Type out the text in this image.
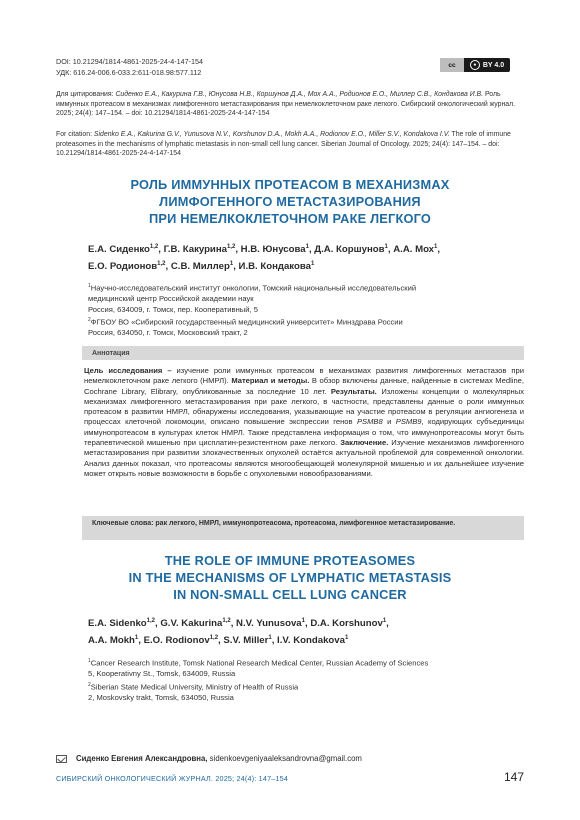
DOI: 10.21294/1814-4861-2025-24-4-147-154
УДК: 616.24-006.6-033.2:611-018.98:577.112
cc	● BY 4.0
Для цитирования: Сиденко Е.А., Какурина Г.В., Юнусова Н.В., Коршунов Д.А., Мох А.А., Родионов Е.О., Миллер С.В., Кондакова И.В. Роль иммунных протеасом в механизмах лимфогенного метастазирования при немелкоклеточном раке легкого. Сибирский онкологический журнал. 2025; 24(4): 147–154. – doi: 10.21294/1814-4861-2025-24-4-147-154
For citation: Sidenko E.A., Kakurina G.V., Yunusova N.V., Korshunov D.A., Mokh A.A., Rodionov E.O., Miller S.V., Kondakova I.V. The role of immune proteasomes in the mechanisms of lymphatic metastasis in non-small cell lung cancer. Siberian Journal of Oncology. 2025; 24(4): 147–154. – doi: 10.21294/1814-4861-2025-24-4-147-154
РОЛЬ ИММУННЫХ ПРОТЕАСОМ В МЕХАНИЗМАХ
ЛИМФОГЕННОГО МЕТАСТАЗИРОВАНИЯ
ПРИ НЕМЕЛКОКЛЕТОЧНОМ РАКЕ ЛЕГКОГО
Е.А. Сиденко$^{1,2}$, Г.В. Какурина$^{1,2}$, Н.В. Юнусова$^1$, Д.А. Коршунов$^1$, А.А. Мох$^1$,
Е.О. Родионов$^{1,2}$, С.В. Миллер$^1$, И.В. Кондакова$^1$
$^1$Научно-исследовательский институт онкологии, Томский национальный исследовательский
медицинский центр Российской академии наук
Россия, 634009, г. Томск, пер. Кооперативный, 5
$^2$ФГБОУ ВО «Сибирский государственный медицинский университет» Минздрава России
Россия, 634050, г. Томск, Московский тракт, 2
Аннотация
Цель исследования – изучение роли иммунных протеасом в механизмах развития лимфогенных метастазов при немелкоклеточном раке легкого (НМРЛ). Материал и методы. В обзор включены данные, найденные в системах Medline, Cochrane Library, Elibrary, опубликованные за последние 10 лет. Результаты. Изложены концепции о молекулярных механизмах лимфогенного метастазирования при раке легкого, в частности, представлены данные о роли иммунных протеасом в развитии НМРЛ, обнаружены исследования, указывающие на участие протеасом в регуляции ангиогенеза и процессах клеточной локомоции, описано повышение экспрессии генов PSMB8 и PSMB9, кодирующих субъединицы иммунопротеасом в культурах клеток НМРЛ. Также представлена информация о том, что иммунопротеасомы могут быть терапевтической мишенью при цисплатин-резистентном раке легкого. Заключение. Изучение механизмов лимфогенного метастазирования при развитии злокачественных опухолей остаётся актуальной проблемой для современной онкологии. Анализ данных показал, что протеасомы являются многообещающей молекулярной мишенью и их дальнейшее изучение может открыть новые возможности в борьбе с опухолевыми новообразованиями.
Ключевые слова: рак легкого, НМРЛ, иммунопротеасома, протеасома, лимфогенное метастазирование.
THE ROLE OF IMMUNE PROTEASOMES
IN THE MECHANISMS OF LYMPHATIC METASTASIS
IN NON-SMALL CELL LUNG CANCER
E.A. Sidenko$^{1,2}$, G.V. Kakurina$^{1,2}$, N.V. Yunusova$^1$, D.A. Korshunov$^1$,
A.A. Mokh$^1$, E.O. Rodionov$^{1,2}$, S.V. Miller$^1$, I.V. Kondakova$^1$
$^1$Cancer Research Institute, Tomsk National Research Medical Center, Russian Academy of Sciences
5, Kooperativny St., Tomsk, 634009, Russia
$^2$Siberian State Medical University, Ministry of Health of Russia
2, Moskovsky trakt, Tomsk, 634050, Russia
Сиденко Евгения Александровна, sidenkoevgeniyaaleksandrovna@gmail.com
СИБИРСКИЙ ОНКОЛОГИЧЕСКИЙ ЖУРНАЛ. 2025; 24(4): 147–154	147
